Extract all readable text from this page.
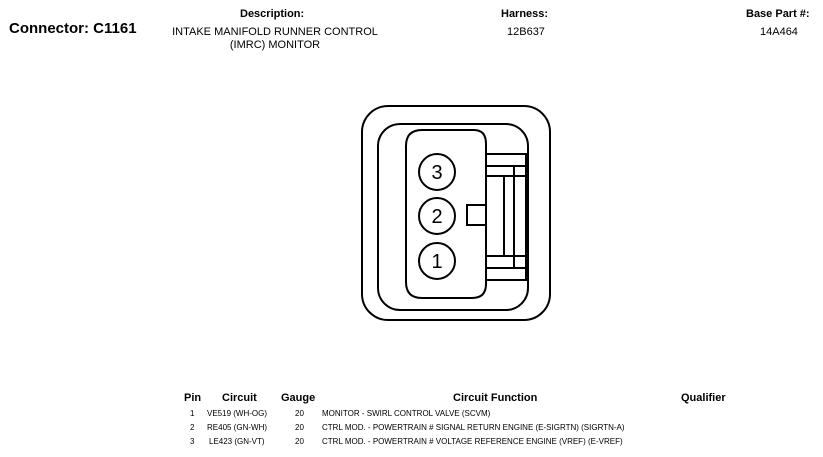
Connector: C1161
Description:
INTAKE MANIFOLD RUNNER CONTROL
(IMRC) MONITOR
Harness:
12B637
Base Part #:
14A464
3
2
1
Pin Circuit Gauge	Circuit Function	Qualifier
1 VE519 (WH-OG)	20 MONITOR - SWIRL CONTROL VALVE (SCVM)
2 RE405 (GN-WH)	20 CTRL MOD. - POWERTRAIN # SIGNAL RETURN ENGINE (E-SIGRTN) (SIGRTN-A)
3 LE423 (GN-VT)	20 CTRL MOD. - POWERTRAIN # VOLTAGE REFERENCE ENGINE (VREF) (E-VREF)
